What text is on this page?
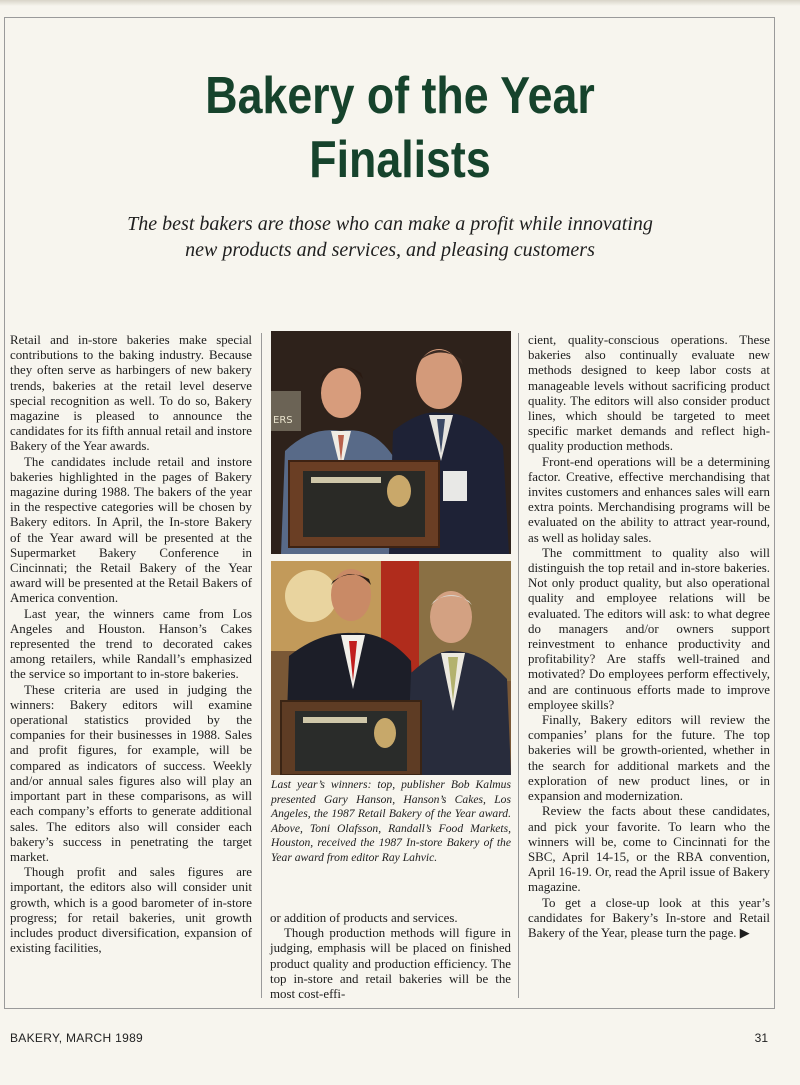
Bakery of the Year
Finalists

The best bakers are those who can make a profit while innovating new products and services, and pleasing customers

Retail and in-store bakeries make special contributions to the baking industry. Because they often serve as harbingers of new bakery trends, bakeries at the retail level deserve special recognition as well. To do so, Bakery magazine is pleased to announce the candidates for its fifth annual retail and instore Bakery of the Year awards.

The candidates include retail and instore bakeries highlighted in the pages of Bakery magazine during 1988. The bakers of the year in the respective categories will be chosen by Bakery editors. In April, the In-store Bakery of the Year award will be presented at the Supermarket Bakery Conference in Cincinnati; the Retail Bakery of the Year award will be presented at the Retail Bakers of America convention.

Last year, the winners came from Los Angeles and Houston. Hanson’s Cakes represented the trend to decorated cakes among retailers, while Randall’s emphasized the service so important to in-store bakeries.

These criteria are used in judging the winners: Bakery editors will examine operational statistics provided by the companies for their businesses in 1988. Sales and profit figures, for example, will be compared as indicators of success. Weekly and/or annual sales figures also will play an important part in these comparisons, as will each company’s efforts to generate additional sales. The editors also will consider each bakery’s success in penetrating the target market.

Though profit and sales figures are important, the editors also will consider unit growth, which is a good barometer of in-store progress; for retail bakeries, unit growth includes product diversification, expansion of existing facilities,

ERS

Last year’s winners: top, publisher Bob Kalmus presented Gary Hanson, Hanson’s Cakes, Los Angeles, the 1987 Retail Bakery of the Year award. Above, Toni Olafsson, Randall’s Food Markets, Houston, received the 1987 In-store Bakery of the Year award from editor Ray Lahvic.

or addition of products and services.

Though production methods will figure in judging, emphasis will be placed on finished product quality and production efficiency. The top in-store and retail bakeries will be the most cost-effi-

cient, quality-conscious operations. These bakeries also continually evaluate new methods designed to keep labor costs at manageable levels without sacrificing product quality. The editors will also consider product lines, which should be targeted to meet specific market demands and reflect high-quality production methods.

Front-end operations will be a determining factor. Creative, effective merchandising that invites customers and enhances sales will earn extra points. Merchandising programs will be evaluated on the ability to attract year-round, as well as holiday sales.

The committment to quality also will distinguish the top retail and in-store bakeries. Not only product quality, but also operational quality and employee relations will be evaluated. The editors will ask: to what degree do managers and/or owners support reinvestment to enhance productivity and profitability? Are staffs well-trained and motivated? Do employees perform effectively, and are continuous efforts made to improve employee skills?

Finally, Bakery editors will review the companies’ plans for the future. The top bakeries will be growth-oriented, whether in the search for additional markets and the exploration of new product lines, or in expansion and modernization.

Review the facts about these candidates, and pick your favorite. To learn who the winners will be, come to Cincinnati for the SBC, April 14-15, or the RBA convention, April 16-19. Or, read the April issue of Bakery magazine.

To get a close-up look at this year’s candidates for Bakery’s In-store and Retail Bakery of the Year, please turn the page. ▶

BAKERY, MARCH 1989	31
